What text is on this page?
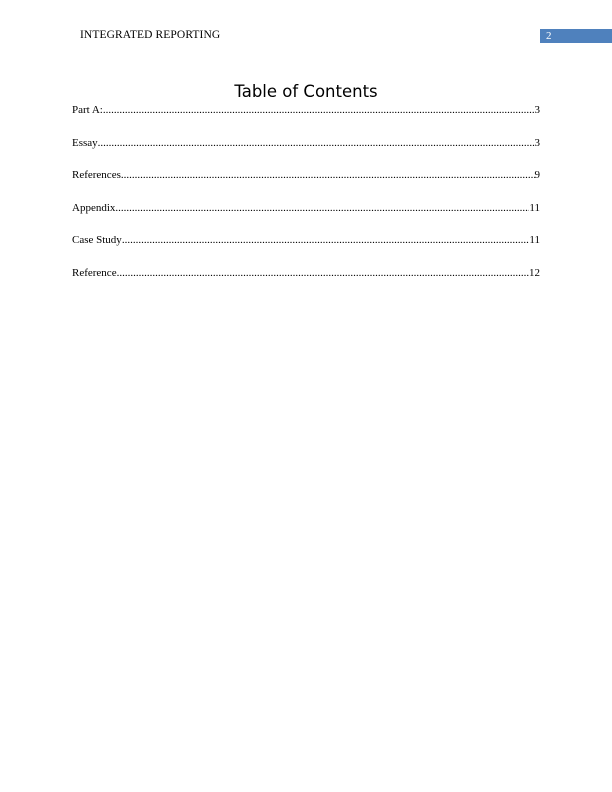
INTEGRATED REPORTING	2
Table of Contents
Part A: .....	3
Essay .....	3
References .....	9
Appendix .....	11
Case Study .....	11
Reference .....	12
